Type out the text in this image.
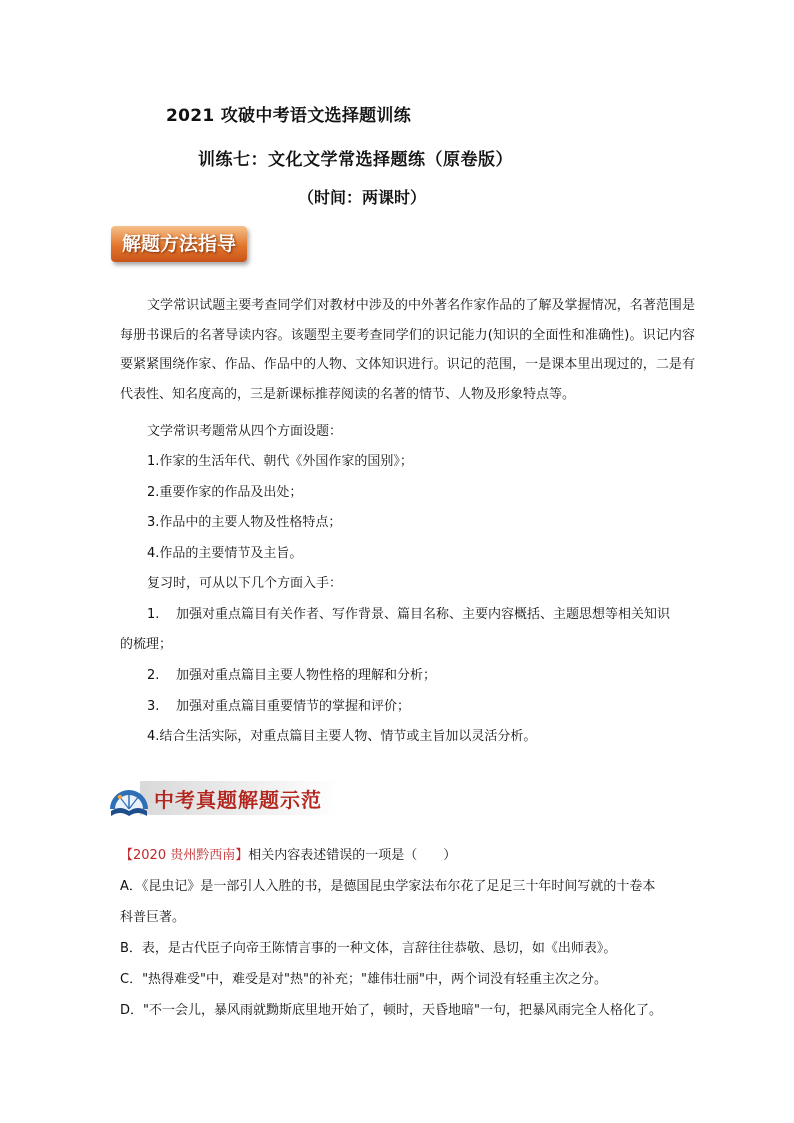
2021 攻破中考语文选择题训练
训练七：文化文学常选择题练（原卷版）
（时间：两课时）
解题方法指导
文学常识试题主要考查同学们对教材中涉及的中外著名作家作品的了解及掌握情况，名著范围是每册书课后的名著导读内容。该题型主要考查同学们的识记能力(知识的全面性和准确性)。识记内容要紧紧围绕作家、作品、作品中的人物、文体知识进行。识记的范围，一是课本里出现过的，二是有代表性、知名度高的，三是新课标推荐阅读的名著的情节、人物及形象特点等。
文学常识考题常从四个方面设题：
1.作家的生活年代、朝代《外国作家的国别》；
2.重要作家的作品及出处；
3.作品中的主要人物及性格特点；
4.作品的主要情节及主旨。
复习时，可从以下几个方面入手：
1. 加强对重点篇目有关作者、写作背景、篇目名称、主要内容概括、主题思想等相关知识
的梳理；
2. 加强对重点篇目主要人物性格的理解和分析；
3. 加强对重点篇目重要情节的掌握和评价；
4.结合生活实际，对重点篇目主要人物、情节或主旨加以灵活分析。
中考真题解题示范
【2020 贵州黔西南】相关内容表述错误的一项是（　　）
A．《昆虫记》是一部引人入胜的书，是德国昆虫学家法布尔花了足足三十年时间写就的十卷本
科普巨著。
B．表，是古代臣子向帝王陈情言事的一种文体，言辞往往恭敬、恳切，如《出师表》。
C．"热得难受"中，难受是对"热"的补充；"雄伟壮丽"中，两个词没有轻重主次之分。
D．"不一会儿，暴风雨就黝斯底里地开始了，顿时，天昏地暗"一句，把暴风雨完全人格化了。
